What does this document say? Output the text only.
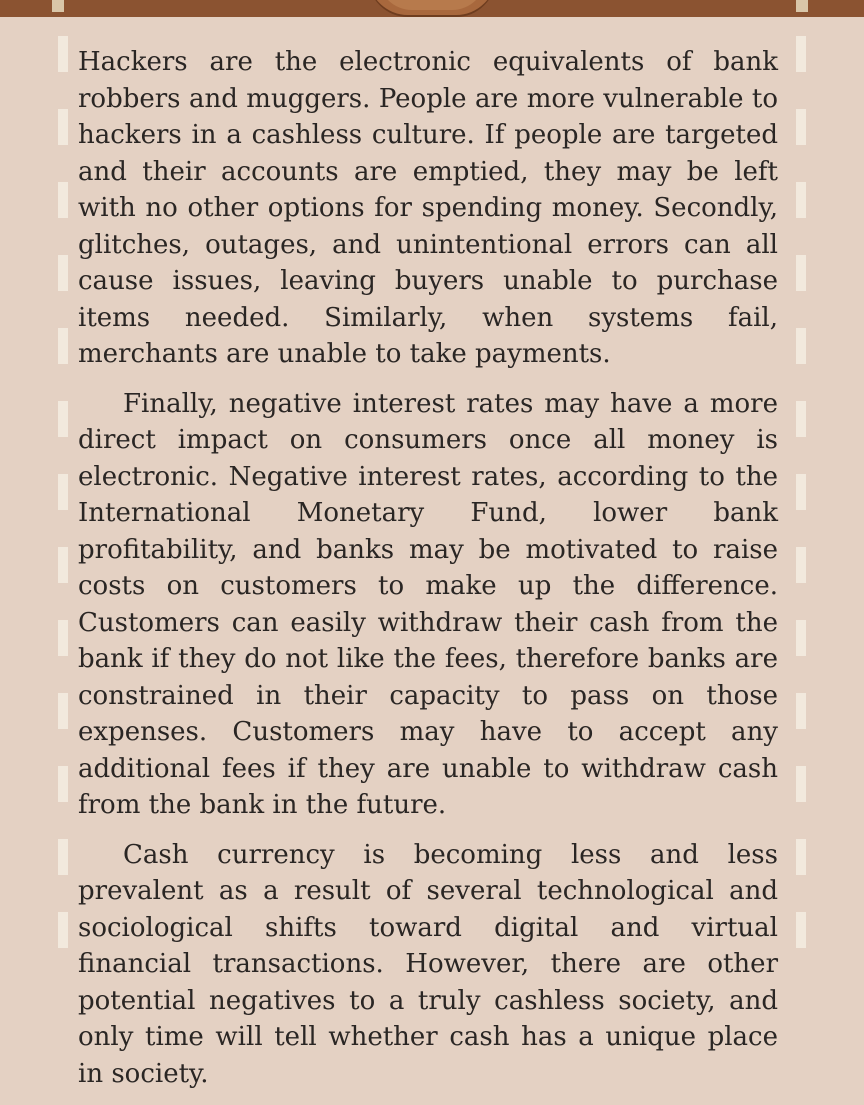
Hackers are the electronic equivalents of bank robbers and muggers. People are more vulnerable to hackers in a cashless culture. If people are targeted and their accounts are emptied, they may be left with no other options for spending money. Secondly, glitches, outages, and unintentional errors can all cause issues, leaving buyers unable to purchase items needed. Similarly, when systems fail, merchants are unable to take payments.

Finally, negative interest rates may have a more direct impact on consumers once all money is electronic. Negative interest rates, according to the International Monetary Fund, lower bank profitability, and banks may be motivated to raise costs on customers to make up the difference. Customers can easily withdraw their cash from the bank if they do not like the fees, therefore banks are constrained in their capacity to pass on those expenses. Customers may have to accept any additional fees if they are unable to withdraw cash from the bank in the future.

Cash currency is becoming less and less prevalent as a result of several technological and sociological shifts toward digital and virtual financial transactions. However, there are other potential negatives to a truly cashless society, and only time will tell whether cash has a unique place in society.
